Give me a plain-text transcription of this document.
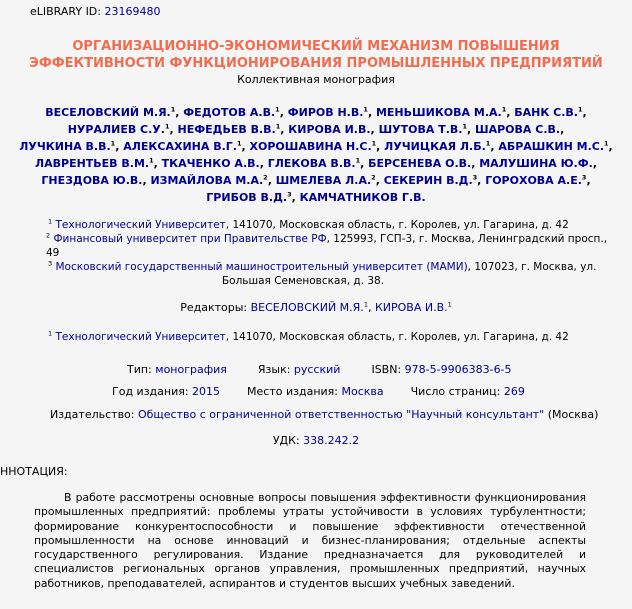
eLIBRARY ID: 23169480
ОРГАНИЗАЦИОННО-ЭКОНОМИЧЕСКИЙ МЕХАНИЗМ ПОВЫШЕНИЯ
ЭФФЕКТИВНОСТИ ФУНКЦИОНИРОВАНИЯ ПРОМЫШЛЕННЫХ ПРЕДПРИЯТИЙ
Коллективная монография
ВЕСЕЛОВСКИЙ М.Я.$^1$, ФЕДОТОВ А.В.$^1$, ФИРОВ Н.В.$^1$, МЕНЬШИКОВА М.А.$^1$, БАНК С.В.$^1$,
НУРАЛИЕВ С.У.$^1$, НЕФЕДЬЕВ В.В.$^1$, КИРОВА И.В., ШУТОВА Т.В.$^1$, ШАРОВА С.В.,
ЛУЧКИНА В.В.$^1$, АЛЕКСАХИНА В.Г.$^1$, ХОРОШАВИНА Н.С.$^1$, ЛУЧИЦКАЯ Л.Б.$^1$, АБРАШКИН М.С.$^1$,
ЛАВРЕНТЬЕВ В.М.$^1$, ТКАЧЕНКО А.В., ГЛЕКОВА В.В.$^1$, БЕРСЕНЕВА О.В., МАЛУШИНА Ю.Ф.,
ГНЕЗДОВА Ю.В., ИЗМАЙЛОВА М.А.$^2$, ШМЕЛЕВА Л.А.$^2$, СЕКЕРИН В.Д.$^3$, ГОРОХОВА А.Е.$^3$,
ГРИБОВ В.Д.$^3$, КАМЧАТНИКОВ Г.В.
$^1$ Технологический Университет, 141070, Московская область, г. Королев, ул. Гагарина, д. 42
$^2$ Финансовый университет при Правительстве РФ, 125993, ГСП-3, г. Москва, Ленинградский просп., 49
$^3$ Московский государственный машиностроительный университет (МАМИ), 107023, г. Москва, ул.
Большая Семеновская, д. 38.
Редакторы: ВЕСЕЛОВСКИЙ М.Я.$^1$, КИРОВА И.В.$^1$
$^1$ Технологический Университет, 141070, Московская область, г. Королев, ул. Гагарина, д. 42
Тип: монография	Язык: русский	ISBN: 978-5-9906383-6-5
Год издания: 2015 Место издания: Москва Число страниц: 269
Издательство: Общество с ограниченной ответственностью "Научный консультант" (Москва)
УДК: 338.242.2
ННОТАЦИЯ:
В работе рассмотрены основные вопросы повышения эффективности функционирования промышленных предприятий: проблемы утраты устойчивости в условиях турбулентности; формирование конкурентоспособности и повышение эффективности отечественной промышленности на основе инноваций и бизнес-планирования; отдельные аспекты государственного регулирования. Издание предназначается для руководителей и специалистов региональных органов управления, промышленных предприятий, научных работников, преподавателей, аспирантов и студентов высших учебных заведений.
